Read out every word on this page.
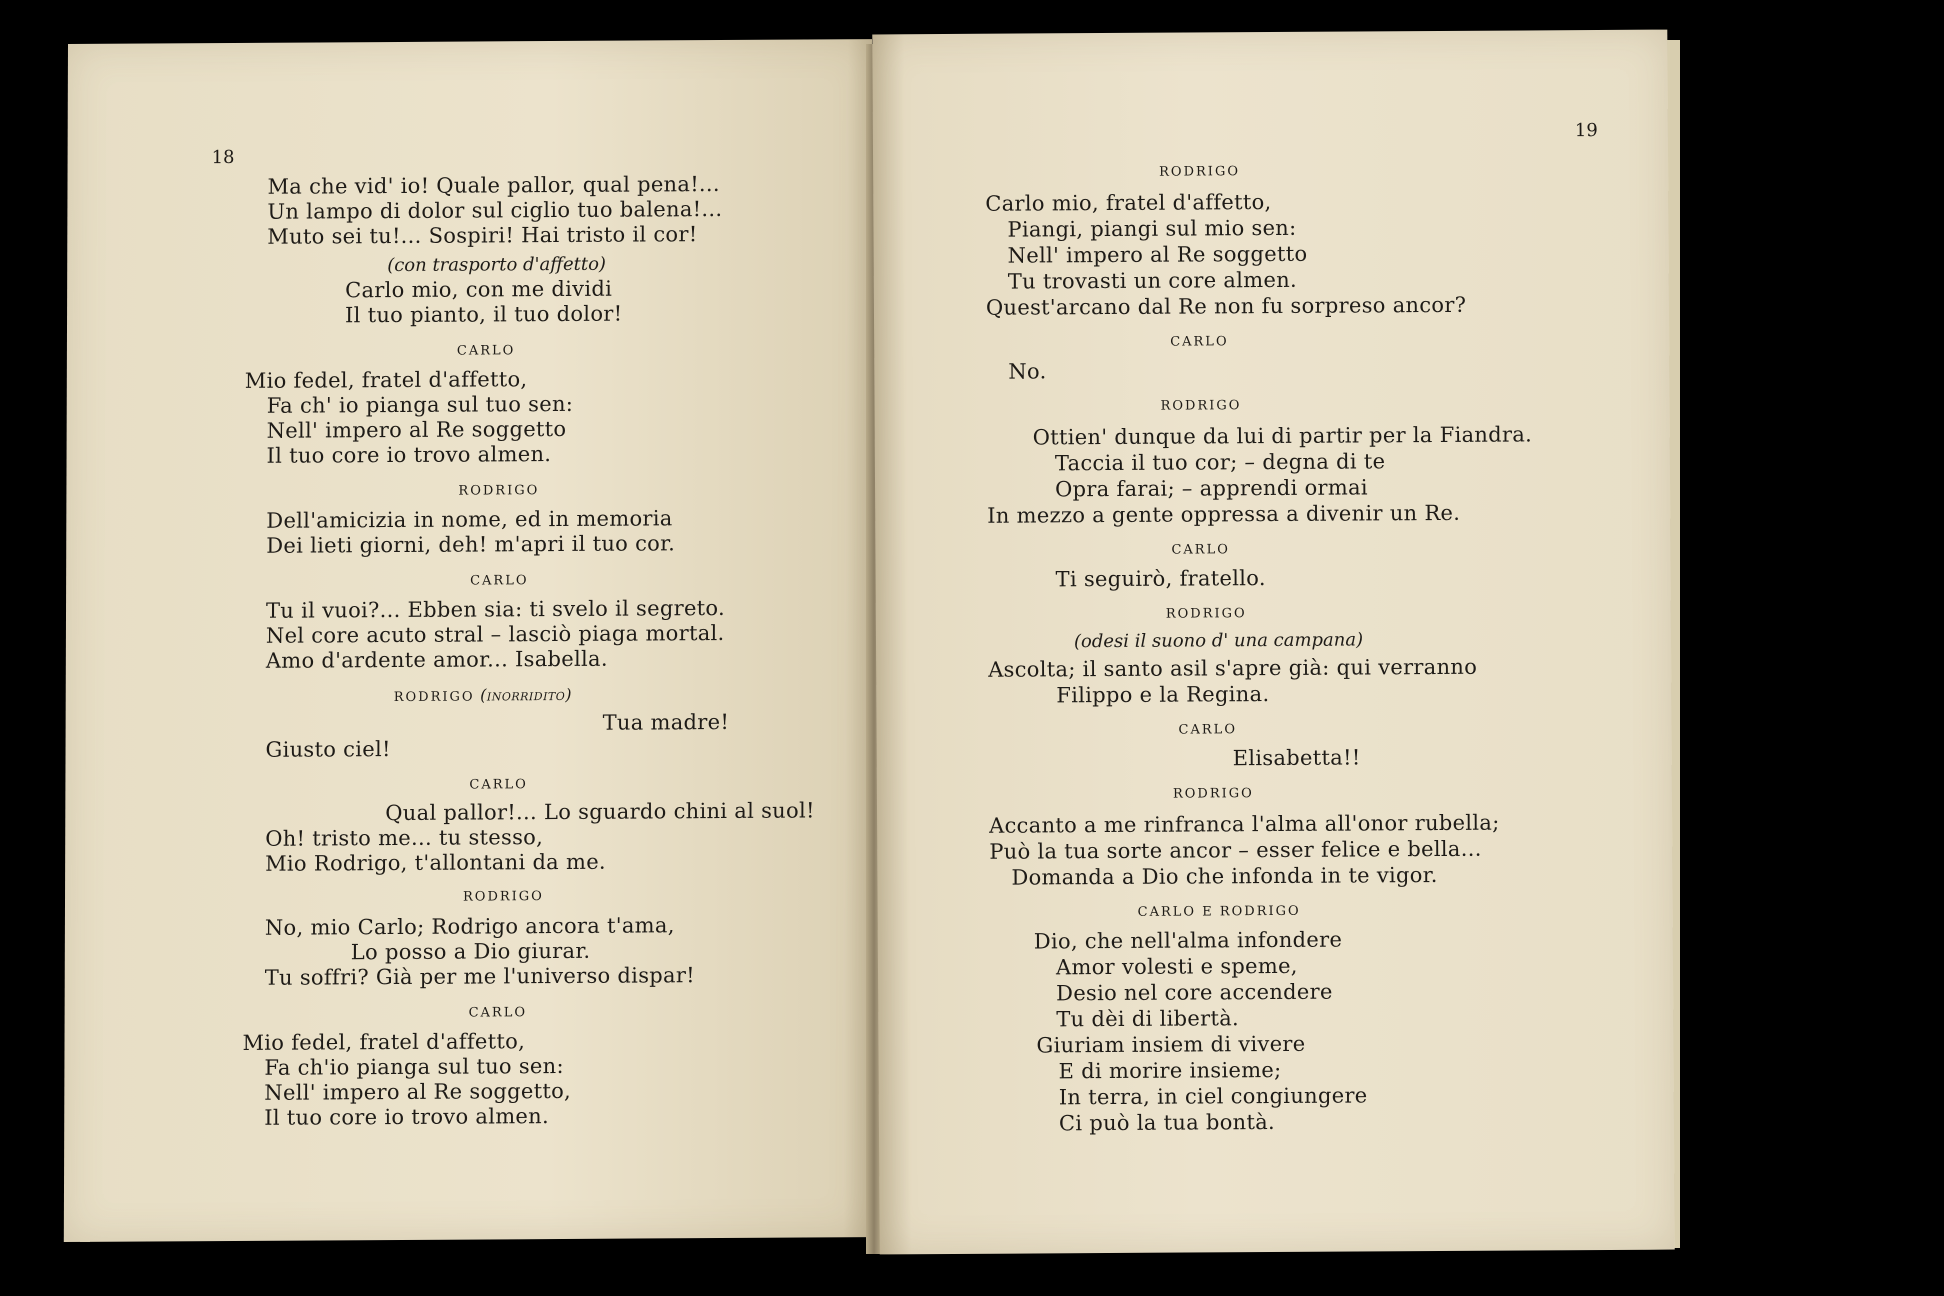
18
Ma che vid' io! Quale pallor, qual pena!...
Un lampo di dolor sul ciglio tuo balena!...
Muto sei tu!... Sospiri! Hai tristo il cor!
(con trasporto d'affetto)
Carlo mio, con me dividi
Il tuo pianto, il tuo dolor!
CARLO
Mio fedel, fratel d'affetto,
Fa ch' io pianga sul tuo sen:
Nell' impero al Re soggetto
Il tuo core io trovo almen.
RODRIGO
Dell'amicizia in nome, ed in memoria
Dei lieti giorni, deh! m'apri il tuo cor.
CARLO
Tu il vuoi?... Ebben sia: ti svelo il segreto.
Nel core acuto stral – lasciò piaga mortal.
Amo d'ardente amor... Isabella.
RODRIGO (inorridito)
Tua madre!
Giusto ciel!
CARLO
Qual pallor!... Lo sguardo chini al suol!
Oh! tristo me... tu stesso,
Mio Rodrigo, t'allontani da me.
RODRIGO
No, mio Carlo; Rodrigo ancora t'ama,
Lo posso a Dio giurar.
Tu soffri? Già per me l'universo dispar!
CARLO
Mio fedel, fratel d'affetto,
Fa ch'io pianga sul tuo sen:
Nell' impero al Re soggetto,
Il tuo core io trovo almen.
19
RODRIGO
Carlo mio, fratel d'affetto,
Piangi, piangi sul mio sen:
Nell' impero al Re soggetto
Tu trovasti un core almen.
Quest'arcano dal Re non fu sorpreso ancor?
CARLO
No.
RODRIGO
Ottien' dunque da lui di partir per la Fiandra.
Taccia il tuo cor; – degna di te
Opra farai; – apprendi ormai
In mezzo a gente oppressa a divenir un Re.
CARLO
Ti seguirò, fratello.
RODRIGO
(odesi il suono d' una campana)
Ascolta; il santo asil s'apre già: qui verranno
Filippo e la Regina.
CARLO
Elisabetta!!
RODRIGO
Accanto a me rinfranca l'alma all'onor rubella;
Può la tua sorte ancor – esser felice e bella...
Domanda a Dio che infonda in te vigor.
CARLO E RODRIGO
Dio, che nell'alma infondere
Amor volesti e speme,
Desio nel core accendere
Tu dèi di libertà.
Giuriam insiem di vivere
E di morire insieme;
In terra, in ciel congiungere
Ci può la tua bontà.
